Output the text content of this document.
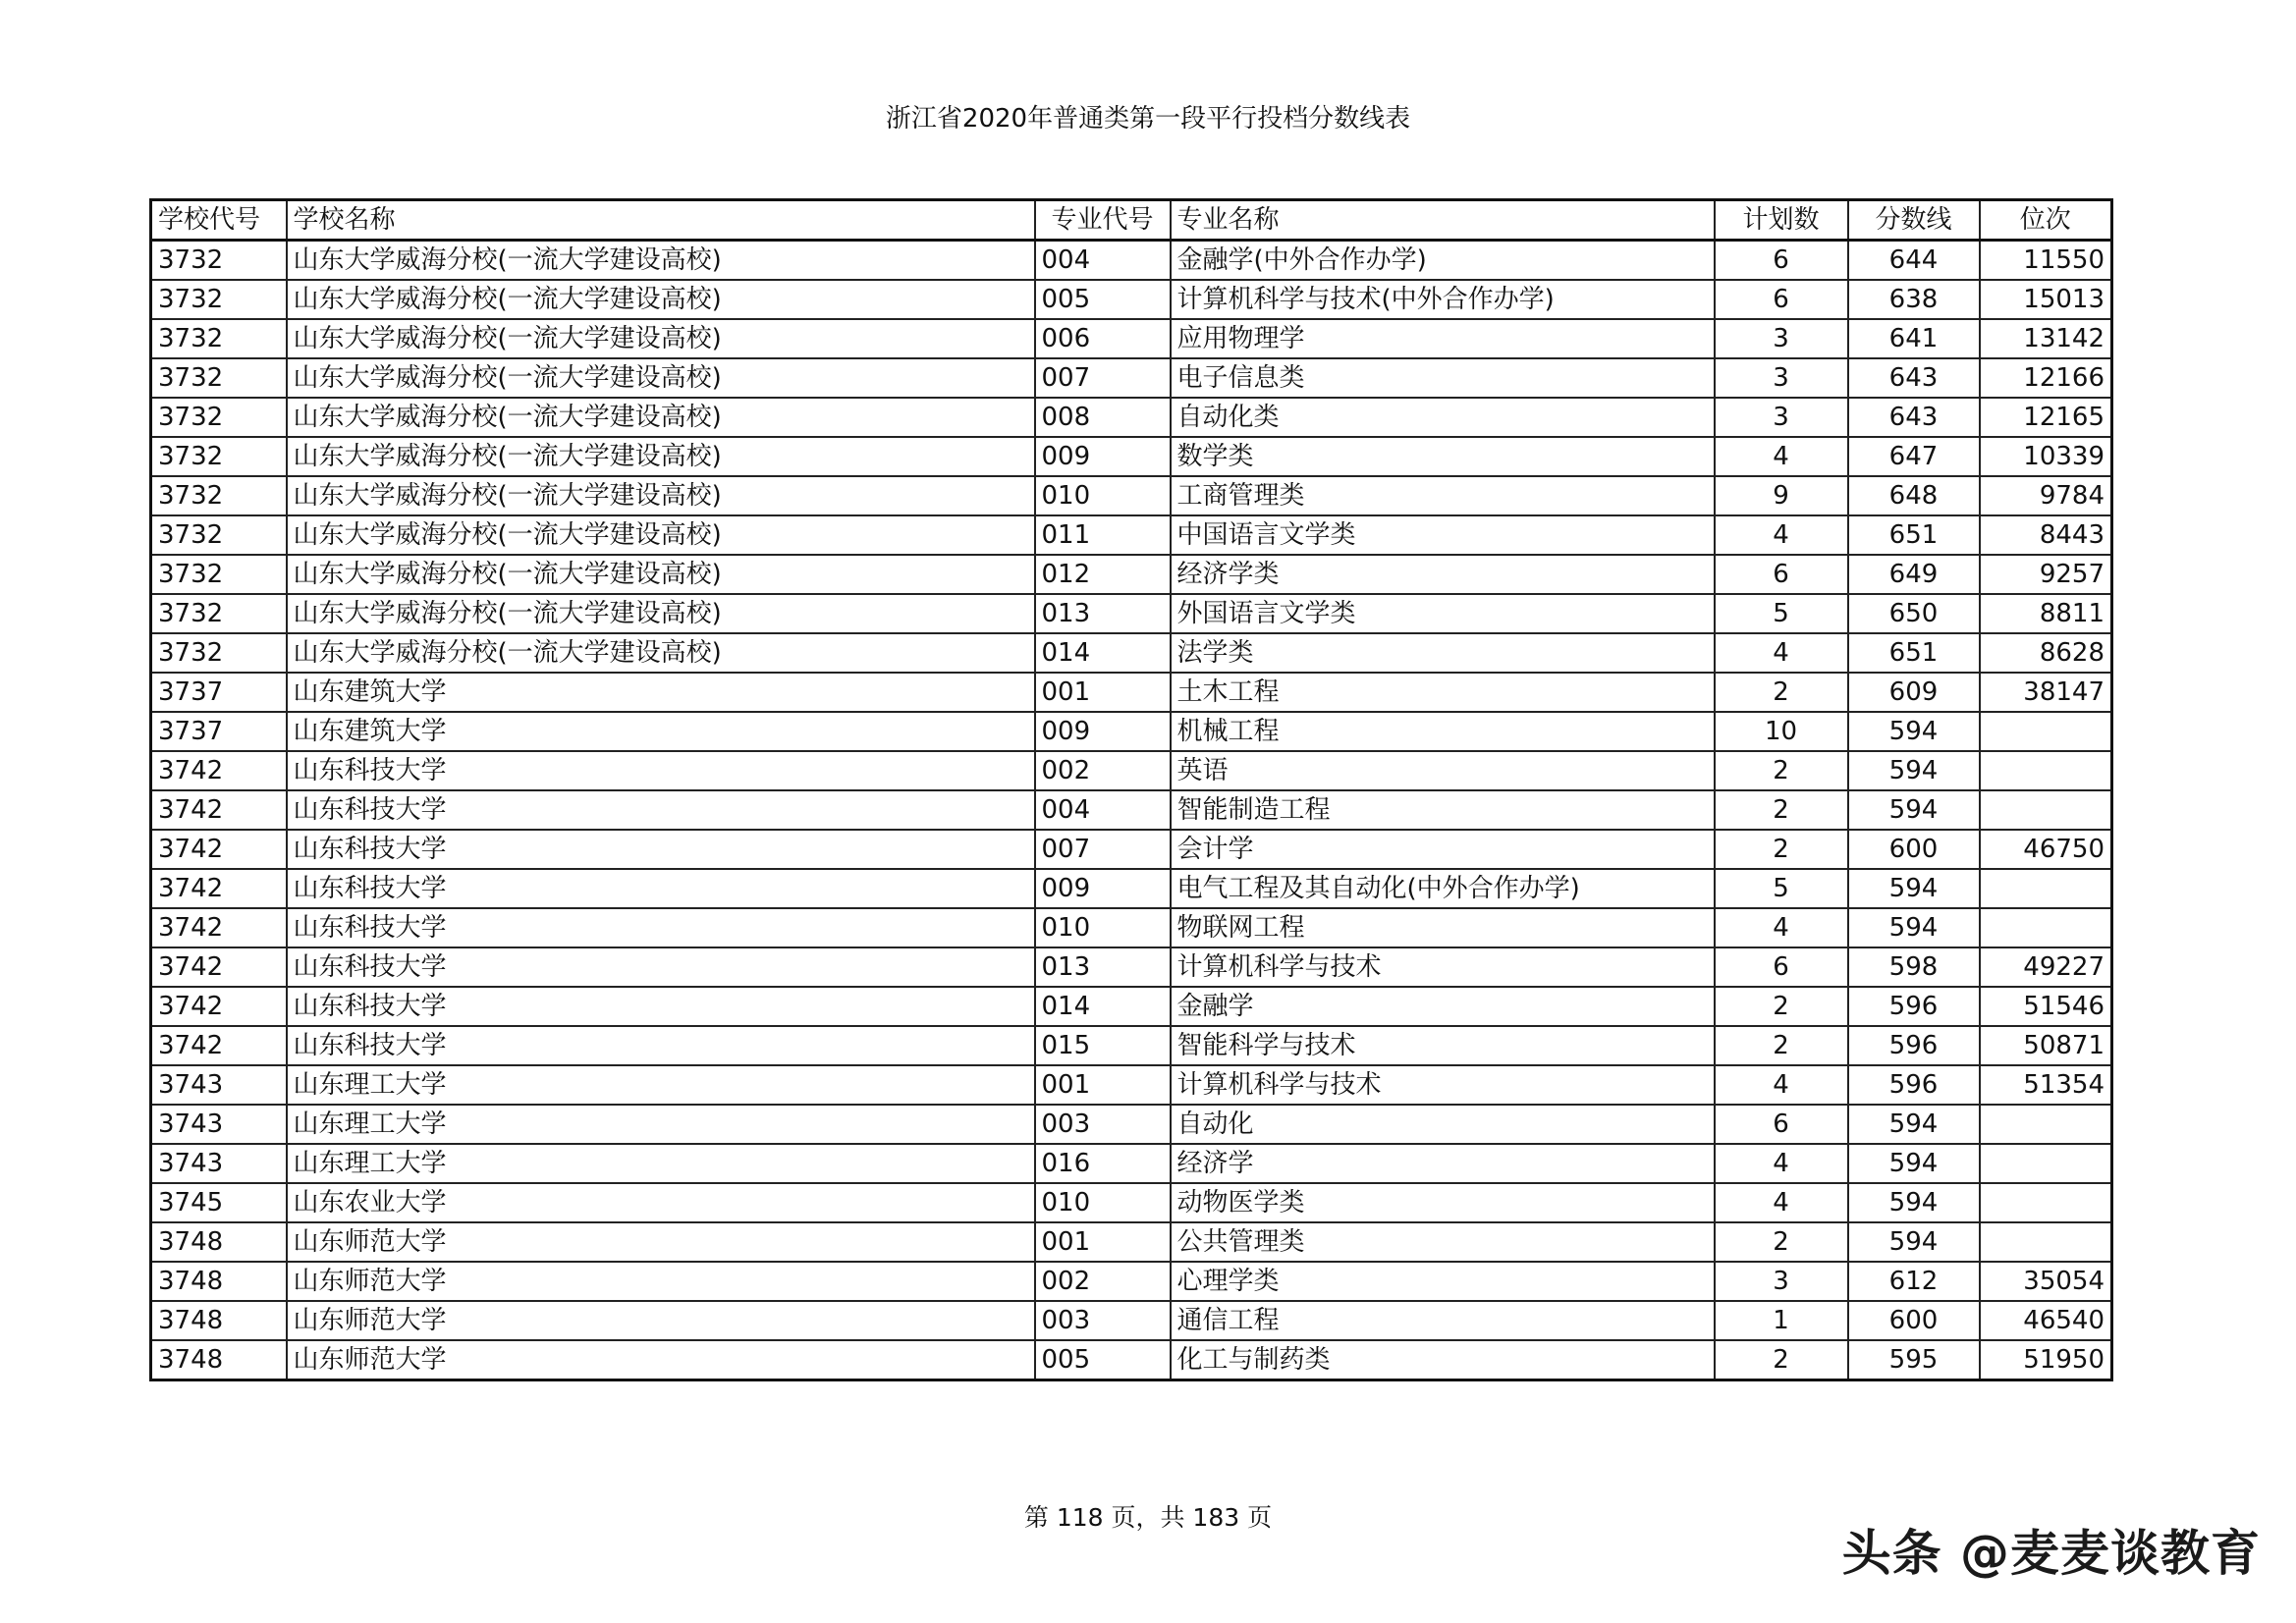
浙江省2020年普通类第一段平行投档分数线表
学校代号	学校名称	专业代号	专业名称	计划数	分数线	位次
3732	山东大学威海分校(一流大学建设高校)	004	金融学(中外合作办学)	6	644	11550
3732	山东大学威海分校(一流大学建设高校)	005	计算机科学与技术(中外合作办学)	6	638	15013
3732	山东大学威海分校(一流大学建设高校)	006	应用物理学	3	641	13142
3732	山东大学威海分校(一流大学建设高校)	007	电子信息类	3	643	12166
3732	山东大学威海分校(一流大学建设高校)	008	自动化类	3	643	12165
3732	山东大学威海分校(一流大学建设高校)	009	数学类	4	647	10339
3732	山东大学威海分校(一流大学建设高校)	010	工商管理类	9	648	9784
3732	山东大学威海分校(一流大学建设高校)	011	中国语言文学类	4	651	8443
3732	山东大学威海分校(一流大学建设高校)	012	经济学类	6	649	9257
3732	山东大学威海分校(一流大学建设高校)	013	外国语言文学类	5	650	8811
3732	山东大学威海分校(一流大学建设高校)	014	法学类	4	651	8628
3737	山东建筑大学	001	土木工程	2	609	38147
3737	山东建筑大学	009	机械工程	10	594	
3742	山东科技大学	002	英语	2	594	
3742	山东科技大学	004	智能制造工程	2	594	
3742	山东科技大学	007	会计学	2	600	46750
3742	山东科技大学	009	电气工程及其自动化(中外合作办学)	5	594	
3742	山东科技大学	010	物联网工程	4	594	
3742	山东科技大学	013	计算机科学与技术	6	598	49227
3742	山东科技大学	014	金融学	2	596	51546
3742	山东科技大学	015	智能科学与技术	2	596	50871
3743	山东理工大学	001	计算机科学与技术	4	596	51354
3743	山东理工大学	003	自动化	6	594	
3743	山东理工大学	016	经济学	4	594	
3745	山东农业大学	010	动物医学类	4	594	
3748	山东师范大学	001	公共管理类	2	594	
3748	山东师范大学	002	心理学类	3	612	35054
3748	山东师范大学	003	通信工程	1	600	46540
3748	山东师范大学	005	化工与制药类	2	595	51950
第 118 页，共 183 页
头条 @麦麦谈教育
